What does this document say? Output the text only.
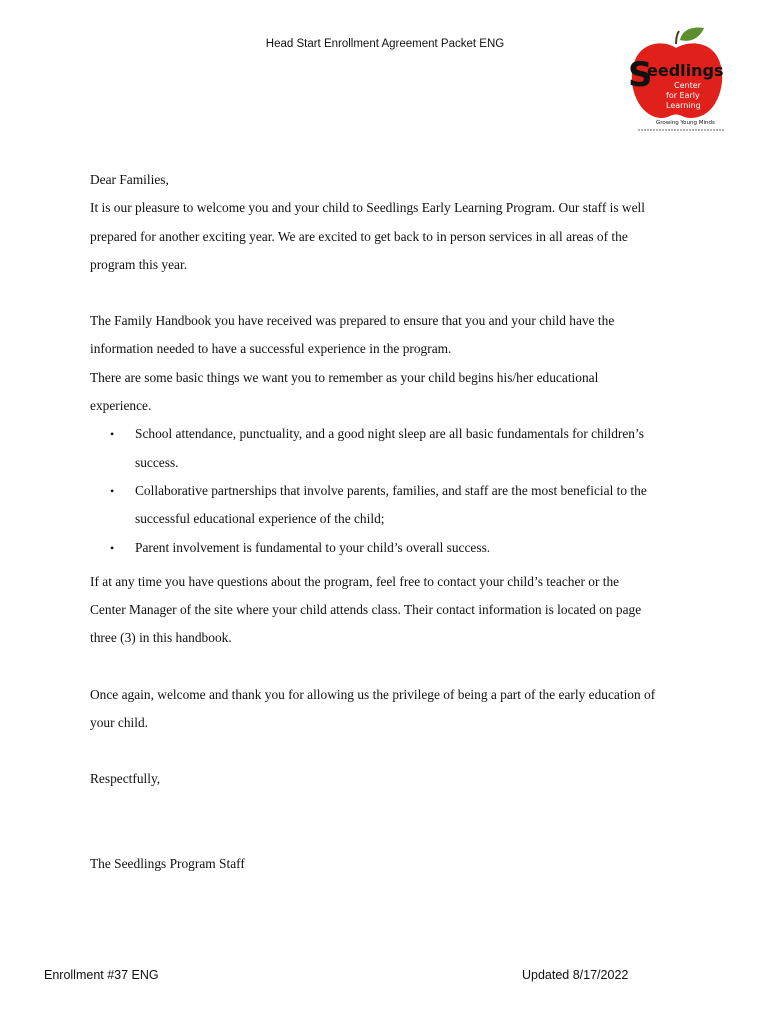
Head Start Enrollment Agreement Packet ENG
S
eedlings
Center
for Early
Learning
Growing Young Minds

Dear Families,

It is our pleasure to welcome you and your child to Seedlings Early Learning Program. Our staff is well
prepared for another exciting year. We are excited to get back to in person services in all areas of the
program this year.

The Family Handbook you have received was prepared to ensure that you and your child have the
information needed to have a successful experience in the program.

There are some basic things we want you to remember as your child begins his/her educational
experience.

• School attendance, punctuality, and a good night sleep are all basic fundamentals for children’s
success.
• Collaborative partnerships that involve parents, families, and staff are the most beneficial to the
successful educational experience of the child;
• Parent involvement is fundamental to your child’s overall success.

If at any time you have questions about the program, feel free to contact your child’s teacher or the
Center Manager of the site where your child attends class. Their contact information is located on page
three (3) in this handbook.

Once again, welcome and thank you for allowing us the privilege of being a part of the early education of
your child.

Respectfully,

The Seedlings Program Staff

Enrollment #37 ENG	Updated 8/17/2022
